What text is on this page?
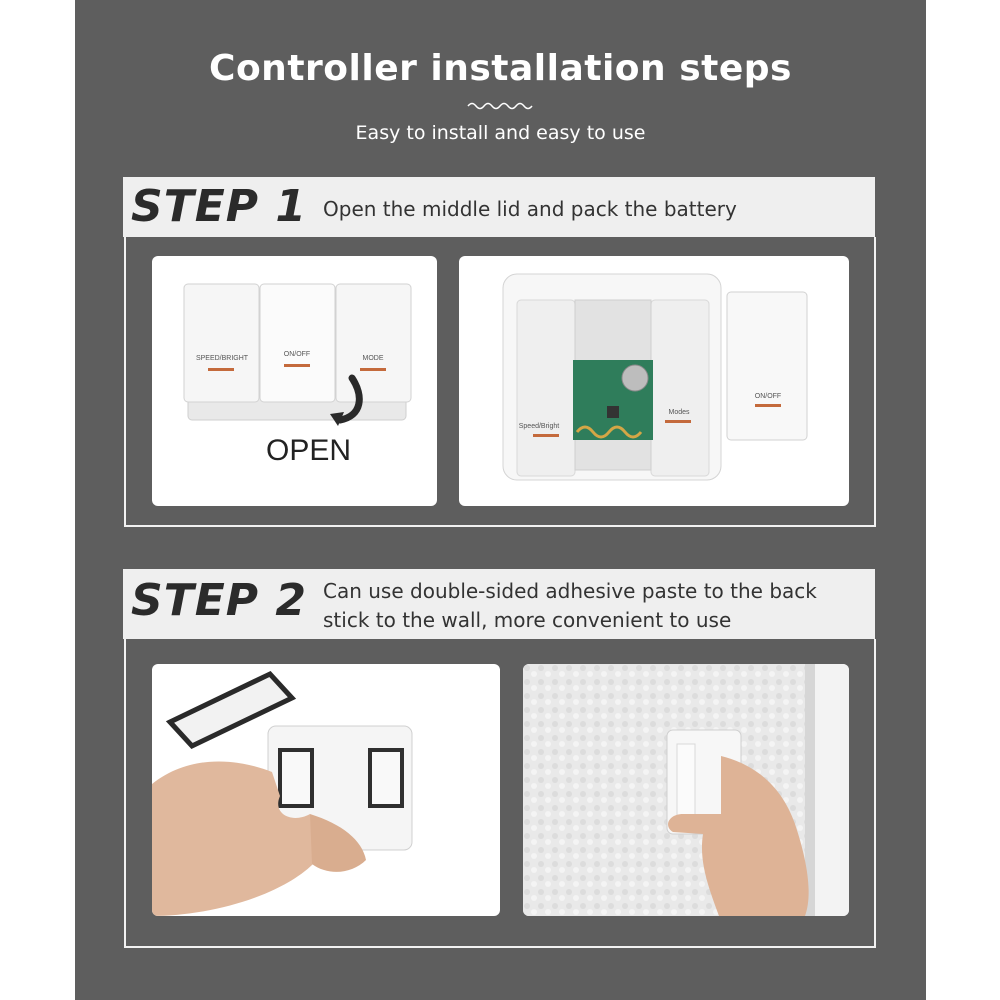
Controller installation steps
Easy to install and easy to use
STEP 1 Open the middle lid and pack the battery
SPEED/BRIGHT
ON/OFF
MODE
OPEN
Speed/Bright
Modes
ON/OFF
STEP 2 Can use double-sided adhesive paste to the back
stick to the wall, more convenient to use
